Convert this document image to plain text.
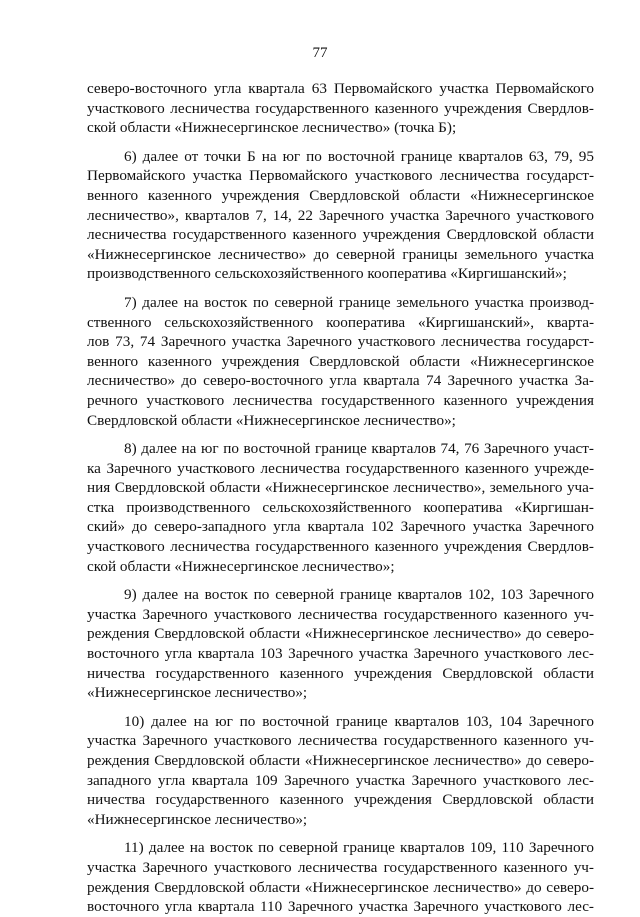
77
северо-восточного угла квартала 63 Первомайского участка Первомайского
участкового лесничества государственного казенного учреждения Свердлов-
ской области «Нижнесергинское лесничество» (точка Б);
6) далее от точки Б на юг по восточной границе кварталов 63, 79, 95
Первомайского участка Первомайского участкового лесничества государст-
венного казенного учреждения Свердловской области «Нижнесергинское
лесничество», кварталов 7, 14, 22 Заречного участка Заречного участкового
лесничества государственного казенного учреждения Свердловской области
«Нижнесергинское лесничество» до северной границы земельного участка
производственного сельскохозяйственного кооператива «Киргишанский»;
7) далее на восток по северной границе земельного участка производ-
ственного сельскохозяйственного кооператива «Киргишанский», кварта-
лов 73, 74 Заречного участка Заречного участкового лесничества государст-
венного казенного учреждения Свердловской области «Нижнесергинское
лесничество» до северо-восточного угла квартала 74 Заречного участка За-
речного участкового лесничества государственного казенного учреждения
Свердловской области «Нижнесергинское лесничество»;
8) далее на юг по восточной границе кварталов 74, 76 Заречного участ-
ка Заречного участкового лесничества государственного казенного учрежде-
ния Свердловской области «Нижнесергинское лесничество», земельного уча-
стка производственного сельскохозяйственного кооператива «Киргишан-
ский» до северо-западного угла квартала 102 Заречного участка Заречного
участкового лесничества государственного казенного учреждения Свердлов-
ской области «Нижнесергинское лесничество»;
9) далее на восток по северной границе кварталов 102, 103 Заречного
участка Заречного участкового лесничества государственного казенного уч-
реждения Свердловской области «Нижнесергинское лесничество» до северо-
восточного угла квартала 103 Заречного участка Заречного участкового лес-
ничества государственного казенного учреждения Свердловской области
«Нижнесергинское лесничество»;
10) далее на юг по восточной границе кварталов 103, 104 Заречного
участка Заречного участкового лесничества государственного казенного уч-
реждения Свердловской области «Нижнесергинское лесничество» до северо-
западного угла квартала 109 Заречного участка Заречного участкового лес-
ничества государственного казенного учреждения Свердловской области
«Нижнесергинское лесничество»;
11) далее на восток по северной границе кварталов 109, 110 Заречного
участка Заречного участкового лесничества государственного казенного уч-
реждения Свердловской области «Нижнесергинское лесничество» до северо-
восточного угла квартала 110 Заречного участка Заречного участкового лес-
